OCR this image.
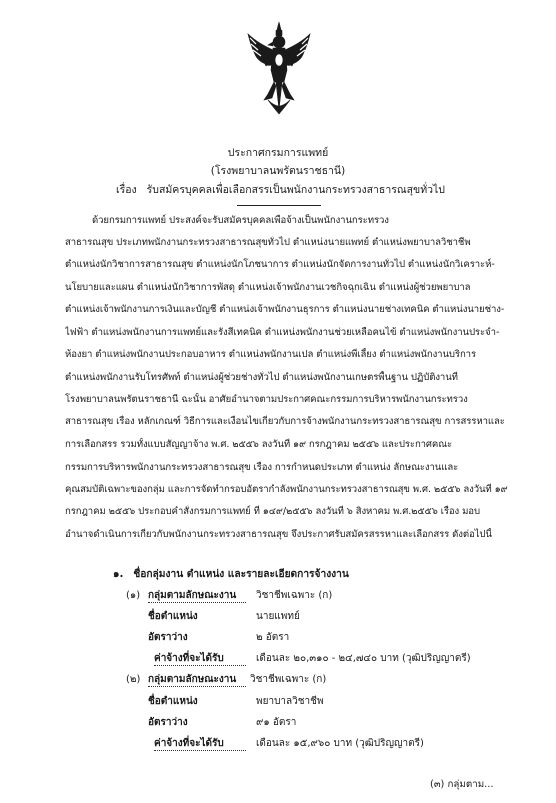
ประกาศกรมการแพทย์
(โรงพยาบาลนพรัตนราชธานี)
เรื่อง รับสมัครบุคคลเพื่อเลือกสรรเป็นพนักงานกระทรวงสาธารณสุขทั่วไป
ด้วยกรมการแพทย์ ประสงค์จะรับสมัครบุคคลเพื่อจ้างเป็นพนักงานกระทรวง
สาธารณสุข ประเภทพนักงานกระทรวงสาธารณสุขทั่วไป ตำแหน่งนายแพทย์ ตำแหน่งพยาบาลวิชาชีพ
ตำแหน่งนักวิชาการสาธารณสุข ตำแหน่งนักโภชนาการ ตำแหน่งนักจัดการงานทั่วไป ตำแหน่งนักวิเคราะห์-
นโยบายและแผน ตำแหน่งนักวิชาการพัสดุ ตำแหน่งเจ้าพนักงานเวชกิจฉุกเฉิน ตำแหน่งผู้ช่วยพยาบาล
ตำแหน่งเจ้าพนักงานการเงินและบัญชี ตำแหน่งเจ้าพนักงานธุรการ ตำแหน่งนายช่างเทคนิค ตำแหน่งนายช่าง-
ไฟฟ้า ตำแหน่งพนักงานการแพทย์และรังสีเทคนิค ตำแหน่งพนักงานช่วยเหลือคนไข้ ตำแหน่งพนักงานประจำ-
ห้องยา ตำแหน่งพนักงานประกอบอาหาร ตำแหน่งพนักงานเปล ตำแหน่งพี่เลี้ยง ตำแหน่งพนักงานบริการ
ตำแหน่งพนักงานรับโทรศัพท์ ตำแหน่งผู้ช่วยช่างทั่วไป ตำแหน่งพนักงานเกษตรพื้นฐาน ปฏิบัติงานที่
โรงพยาบาลนพรัตนราชธานี ฉะนั้น อาศัยอำนาจตามประกาศคณะกรรมการบริหารพนักงานกระทรวง
สาธารณสุข เรื่อง หลักเกณฑ์ วิธีการและเงื่อนไขเกี่ยวกับการจ้างพนักงานกระทรวงสาธารณสุข การสรรหาและ
การเลือกสรร รวมทั้งแบบสัญญาจ้าง พ.ศ. ๒๕๕๖ ลงวันที่ ๑๙ กรกฎาคม ๒๕๕๖ และประกาศคณะ
กรรมการบริหารพนักงานกระทรวงสาธารณสุข เรื่อง การกำหนดประเภท ตำแหน่ง ลักษณะงานและ
คุณสมบัติเฉพาะของกลุ่ม และการจัดทำกรอบอัตรากำลังพนักงานกระทรวงสาธารณสุข พ.ศ. ๒๕๕๖ ลงวันที่ ๑๙
กรกฎาคม ๒๕๕๖ ประกอบคำสั่งกรมการแพทย์ ที่ ๑๔๙/๒๕๕๖ ลงวันที่ ๖ สิงหาคม พ.ศ.๒๕๕๖ เรื่อง มอบ
อำนาจดำเนินการเกี่ยวกับพนักงานกระทรวงสาธารณสุข จึงประกาศรับสมัครสรรหาและเลือกสรร ดังต่อไปนี้
๑. ชื่อกลุ่มงาน ตำแหน่ง และรายละเอียดการจ้างงาน
(๑) กลุ่มตามลักษณะงาน วิชาชีพเฉพาะ (ก)
ชื่อตำแหน่ง	นายแพทย์
อัตราว่าง	๒ อัตรา
ค่าจ้างที่จะได้รับ	เดือนละ ๒๐,๓๑๐ - ๒๔,๗๔๐ บาท (วุฒิปริญญาตรี)
(๒) กลุ่มตามลักษณะงาน วิชาชีพเฉพาะ (ก)
ชื่อตำแหน่ง	พยาบาลวิชาชีพ
อัตราว่าง	๙๑ อัตรา
ค่าจ้างที่จะได้รับ	เดือนละ ๑๕,๙๖๐ บาท (วุฒิปริญญาตรี)
(๓) กลุ่มตาม...
